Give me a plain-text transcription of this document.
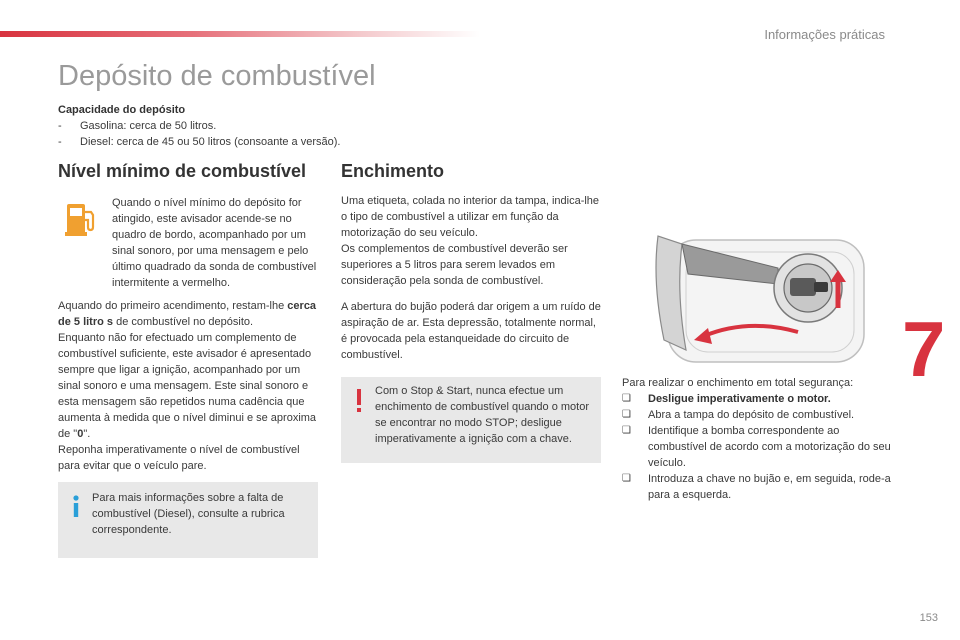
Informações práticas
Depósito de combustível
Capacidade do depósito
-	Gasolina: cerca de 50 litros.
-	Diesel: cerca de 45 ou 50 litros (consoante a versão).
Nível mínimo de combustível
Quando o nível mínimo do depósito for atingido, este avisador acende-se no quadro de bordo, acompanhado por um sinal sonoro, por uma mensagem e pelo último quadrado da sonda de combustível intermitente a vermelho.

Aquando do primeiro acendimento, restam-lhe cerca de 5 litro s de combustível no depósito.

Enquanto não for efectuado um complemento de combustível suficiente, este avisador é apresentado sempre que ligar a ignição, acompanhado por um sinal sonoro e uma mensagem. Este sinal sonoro e esta mensagem são repetidos numa cadência que aumenta à medida que o nível diminui e se aproxima de "0".

Reponha imperativamente o nível de combustível para evitar que o veículo pare.

Para mais informações sobre a falta de combustível (Diesel), consulte a rubrica correspondente.
Enchimento

Uma etiqueta, colada no interior da tampa, indica-lhe o tipo de combustível a utilizar em função da motorização do seu veículo.

Os complementos de combustível deverão ser superiores a 5 litros para serem levados em consideração pela sonda de combustível.

A abertura do bujão poderá dar origem a um ruído de aspiração de ar. Esta depressão, totalmente normal, é provocada pela estanqueidade do circuito de combustível.
Com o Stop & Start, nunca efectue um enchimento de combustível quando o motor se encontrar no modo STOP; desligue imperativamente a ignição com a chave.
7

Para realizar o enchimento em total segurança:

❏	Desligue imperativamente o motor.
❏	Abra a tampa do depósito de combustível.
❏	Identifique a bomba correspondente ao combustível de acordo com a motorização do seu veículo.
❏	Introduza a chave no bujão e, em seguida, rode-a para a esquerda.
153
